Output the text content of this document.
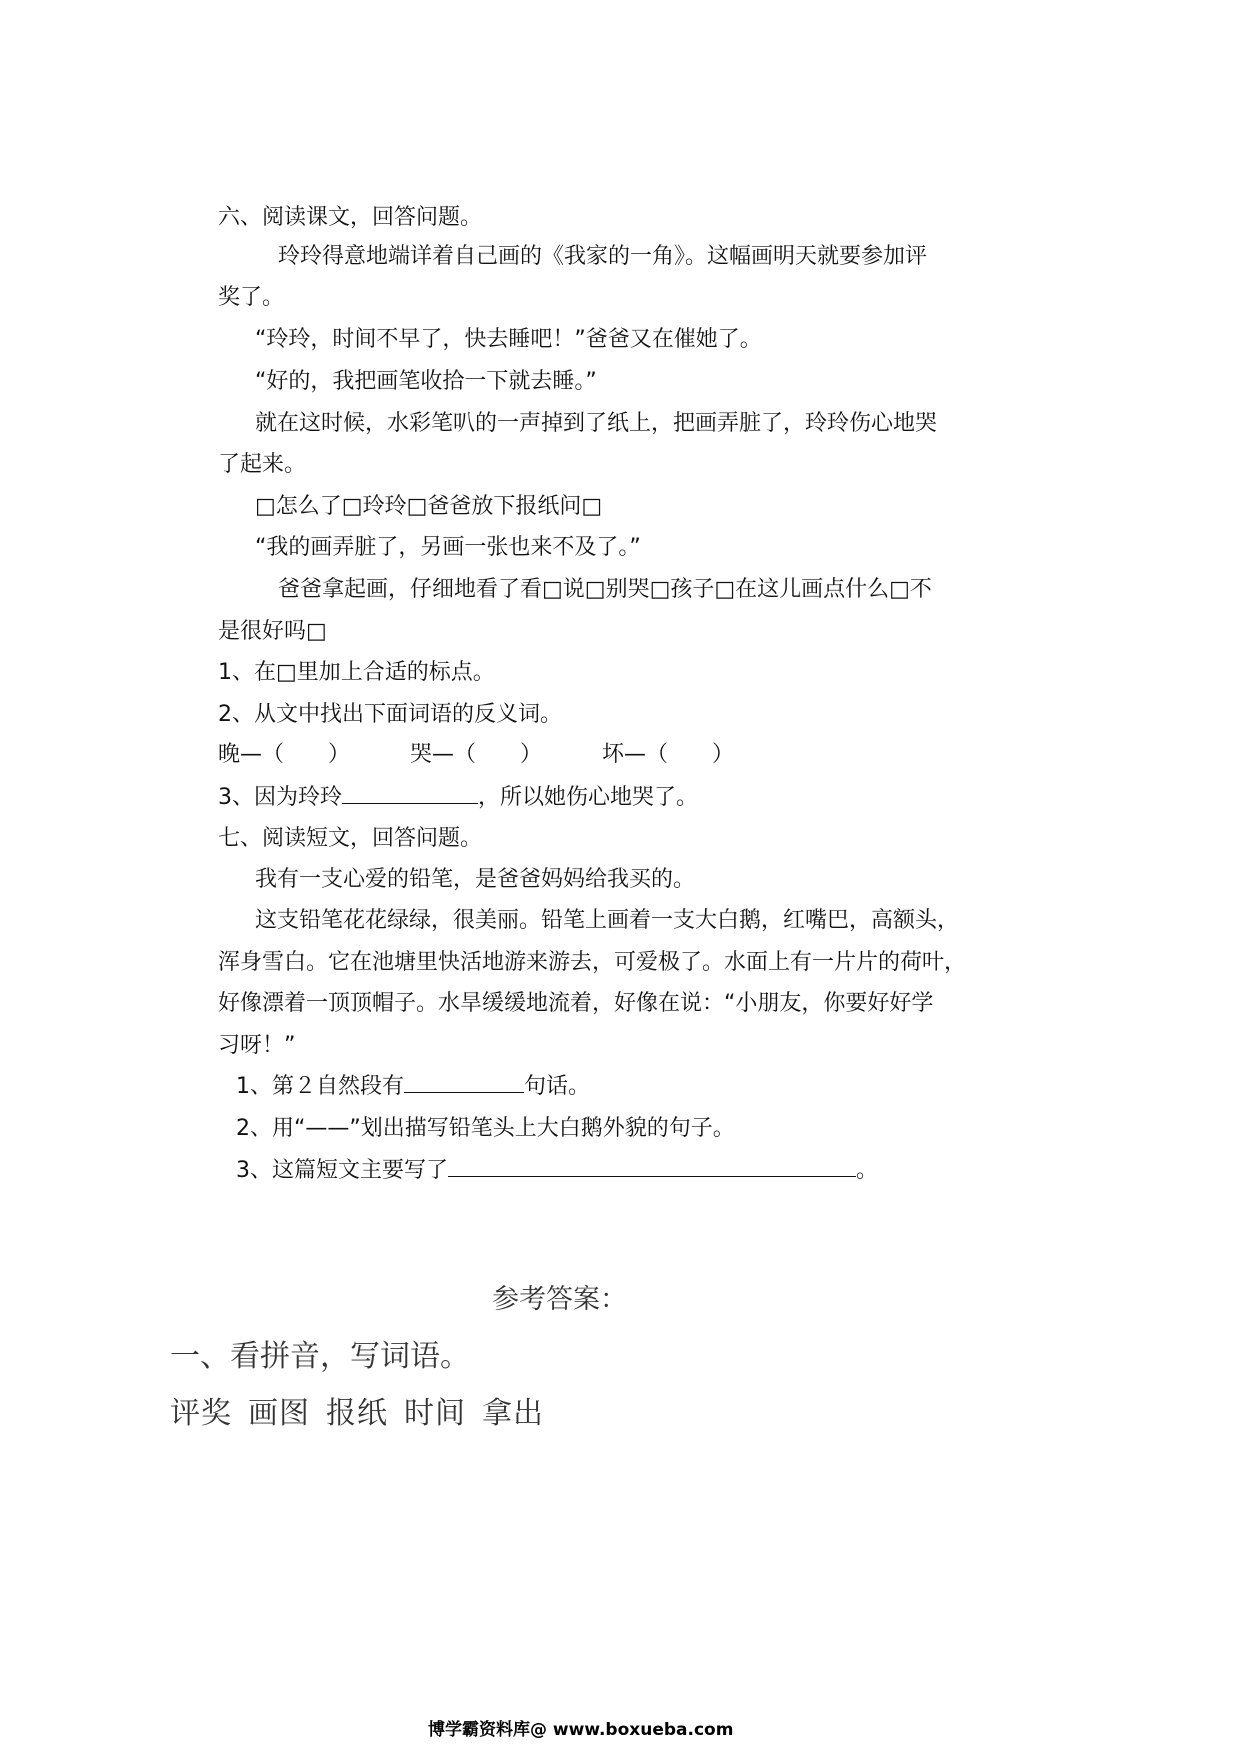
六、阅读课文，回答问题。
玲玲得意地端详着自己画的《我家的一角》。这幅画明天就要参加评
奖了。
“玲玲，时间不早了，快去睡吧！”爸爸又在催她了。
“好的，我把画笔收拾一下就去睡。”
就在这时候，水彩笔叭的一声掉到了纸上，把画弄脏了，玲玲伤心地哭
了起来。
□怎么了□玲玲□爸爸放下报纸问□
“我的画弄脏了，另画一张也来不及了。”
爸爸拿起画，仔细地看了看□说□别哭□孩子□在这儿画点什么□不
是很好吗□
1、在□里加上合适的标点。
2、从文中找出下面词语的反义词。
晚—（　　）	哭—（　　）	坏—（　　）
3、因为玲玲	，所以她伤心地哭了。
七、阅读短文，回答问题。
我有一支心爱的铅笔，是爸爸妈妈给我买的。
这支铅笔花花绿绿，很美丽。铅笔上画着一支大白鹅，红嘴巴，高额头，
浑身雪白。它在池塘里快活地游来游去，可爱极了。水面上有一片片的荷叶，
好像漂着一顶顶帽子。水旱缓缓地流着，好像在说：“小朋友，你要好好学
习呀！”
1、第２自然段有	句话。
2、用“——”划出描写铅笔头上大白鹅外貌的句子。
3、这篇短文主要写了	。
参考答案：
一、看拼音，写词语。
评奖 画图 报纸 时间 拿出
博学霸资料库@ www.boxueba.com
